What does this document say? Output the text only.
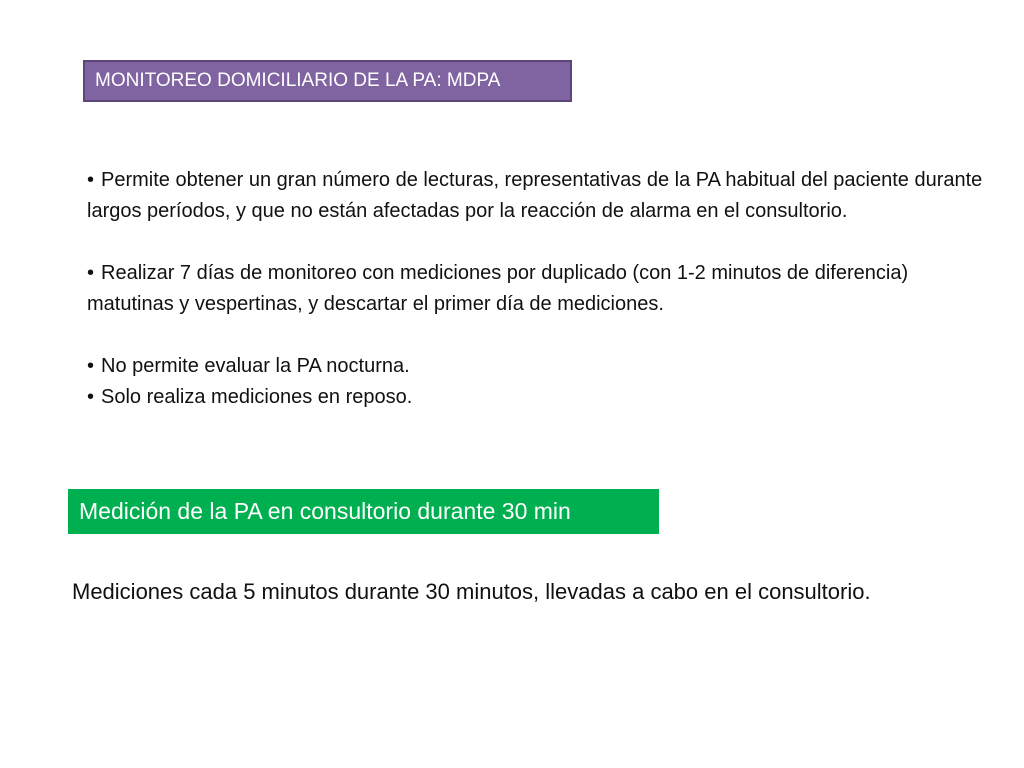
MONITOREO DOMICILIARIO DE LA PA: MDPA

• Permite obtener un gran número de lecturas, representativas de la PA habitual del paciente durante largos períodos, y que no están afectadas por la reacción de alarma en el consultorio.

• Realizar 7 días de monitoreo con mediciones por duplicado (con 1-2 minutos de diferencia) matutinas y vespertinas, y descartar el primer día de mediciones.

• No permite evaluar la PA nocturna.

• Solo realiza mediciones en reposo.

Medición de la PA en consultorio durante 30 min
Mediciones cada 5 minutos durante 30 minutos, llevadas a cabo en el consultorio.
